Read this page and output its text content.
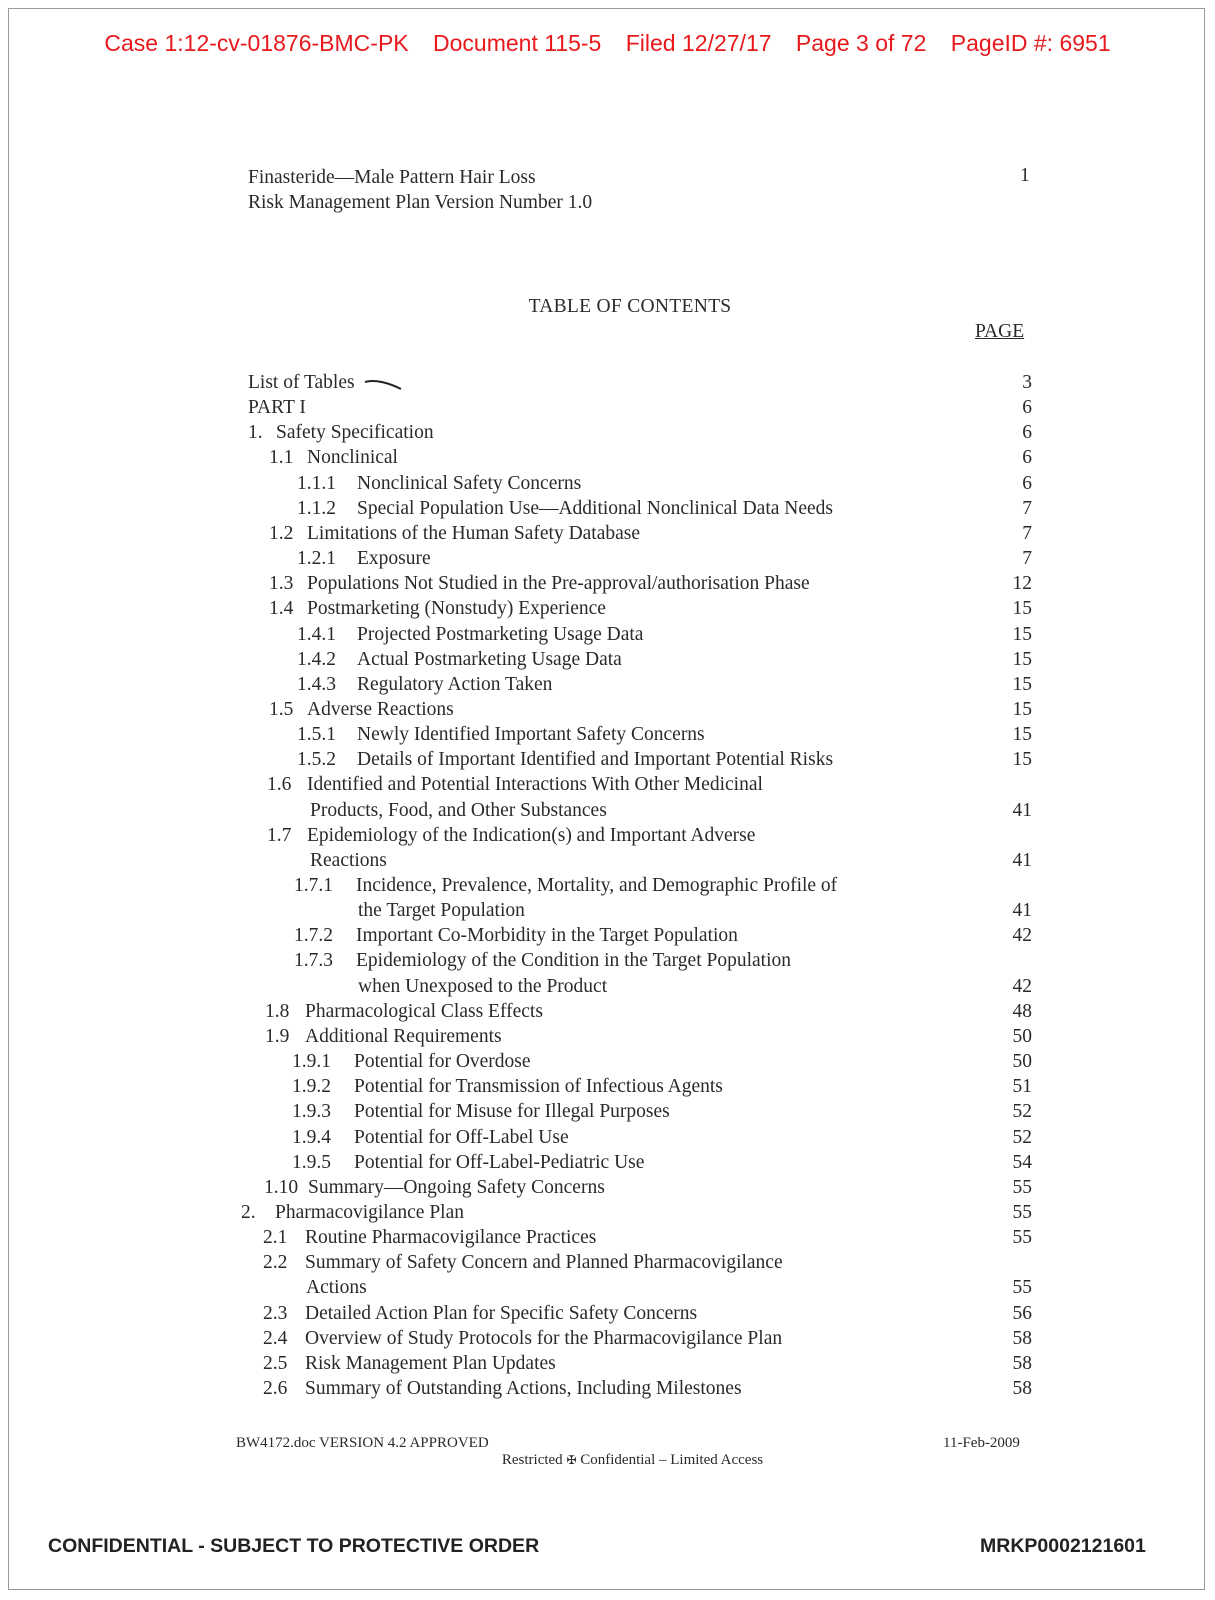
Case 1:12-cv-01876-BMC-PK Document 115-5 Filed 12/27/17 Page 3 of 72 PageID #: 6951
Finasteride—Male Pattern Hair Loss
Risk Management Plan Version Number 1.0
1
TABLE OF CONTENTS
PAGE
List of Tables	3
PART I	6
1. Safety Specification	6
1.1 Nonclinical	6
1.1.1 Nonclinical Safety Concerns	6
1.1.2 Special Population Use—Additional Nonclinical Data Needs	7
1.2 Limitations of the Human Safety Database	7
1.2.1 Exposure	7
1.3 Populations Not Studied in the Pre-approval/authorisation Phase	12
1.4 Postmarketing (Nonstudy) Experience	15
1.4.1 Projected Postmarketing Usage Data	15
1.4.2 Actual Postmarketing Usage Data	15
1.4.3 Regulatory Action Taken	15
1.5 Adverse Reactions	15
1.5.1 Newly Identified Important Safety Concerns	15
1.5.2 Details of Important Identified and Important Potential Risks	15
1.6 Identified and Potential Interactions With Other Medicinal
Products, Food, and Other Substances	41
1.7 Epidemiology of the Indication(s) and Important Adverse
Reactions	41
1.7.1 Incidence, Prevalence, Mortality, and Demographic Profile of
the Target Population	41
1.7.2 Important Co-Morbidity in the Target Population	42
1.7.3 Epidemiology of the Condition in the Target Population
when Unexposed to the Product	42
1.8 Pharmacological Class Effects	48
1.9 Additional Requirements	50
1.9.1 Potential for Overdose	50
1.9.2 Potential for Transmission of Infectious Agents	51
1.9.3 Potential for Misuse for Illegal Purposes	52
1.9.4 Potential for Off-Label Use	52
1.9.5 Potential for Off-Label-Pediatric Use	54
1.10 Summary—Ongoing Safety Concerns	55
2. Pharmacovigilance Plan	55
2.1 Routine Pharmacovigilance Practices	55
2.2 Summary of Safety Concern and Planned Pharmacovigilance
Actions	55
2.3 Detailed Action Plan for Specific Safety Concerns	56
2.4 Overview of Study Protocols for the Pharmacovigilance Plan	58
2.5 Risk Management Plan Updates	58
2.6 Summary of Outstanding Actions, Including Milestones	58
BW4172.doc VERSION 4.2 APPROVED	11-Feb-2009
Restricted ✠ Confidential – Limited Access
CONFIDENTIAL - SUBJECT TO PROTECTIVE ORDER	MRKP0002121601
